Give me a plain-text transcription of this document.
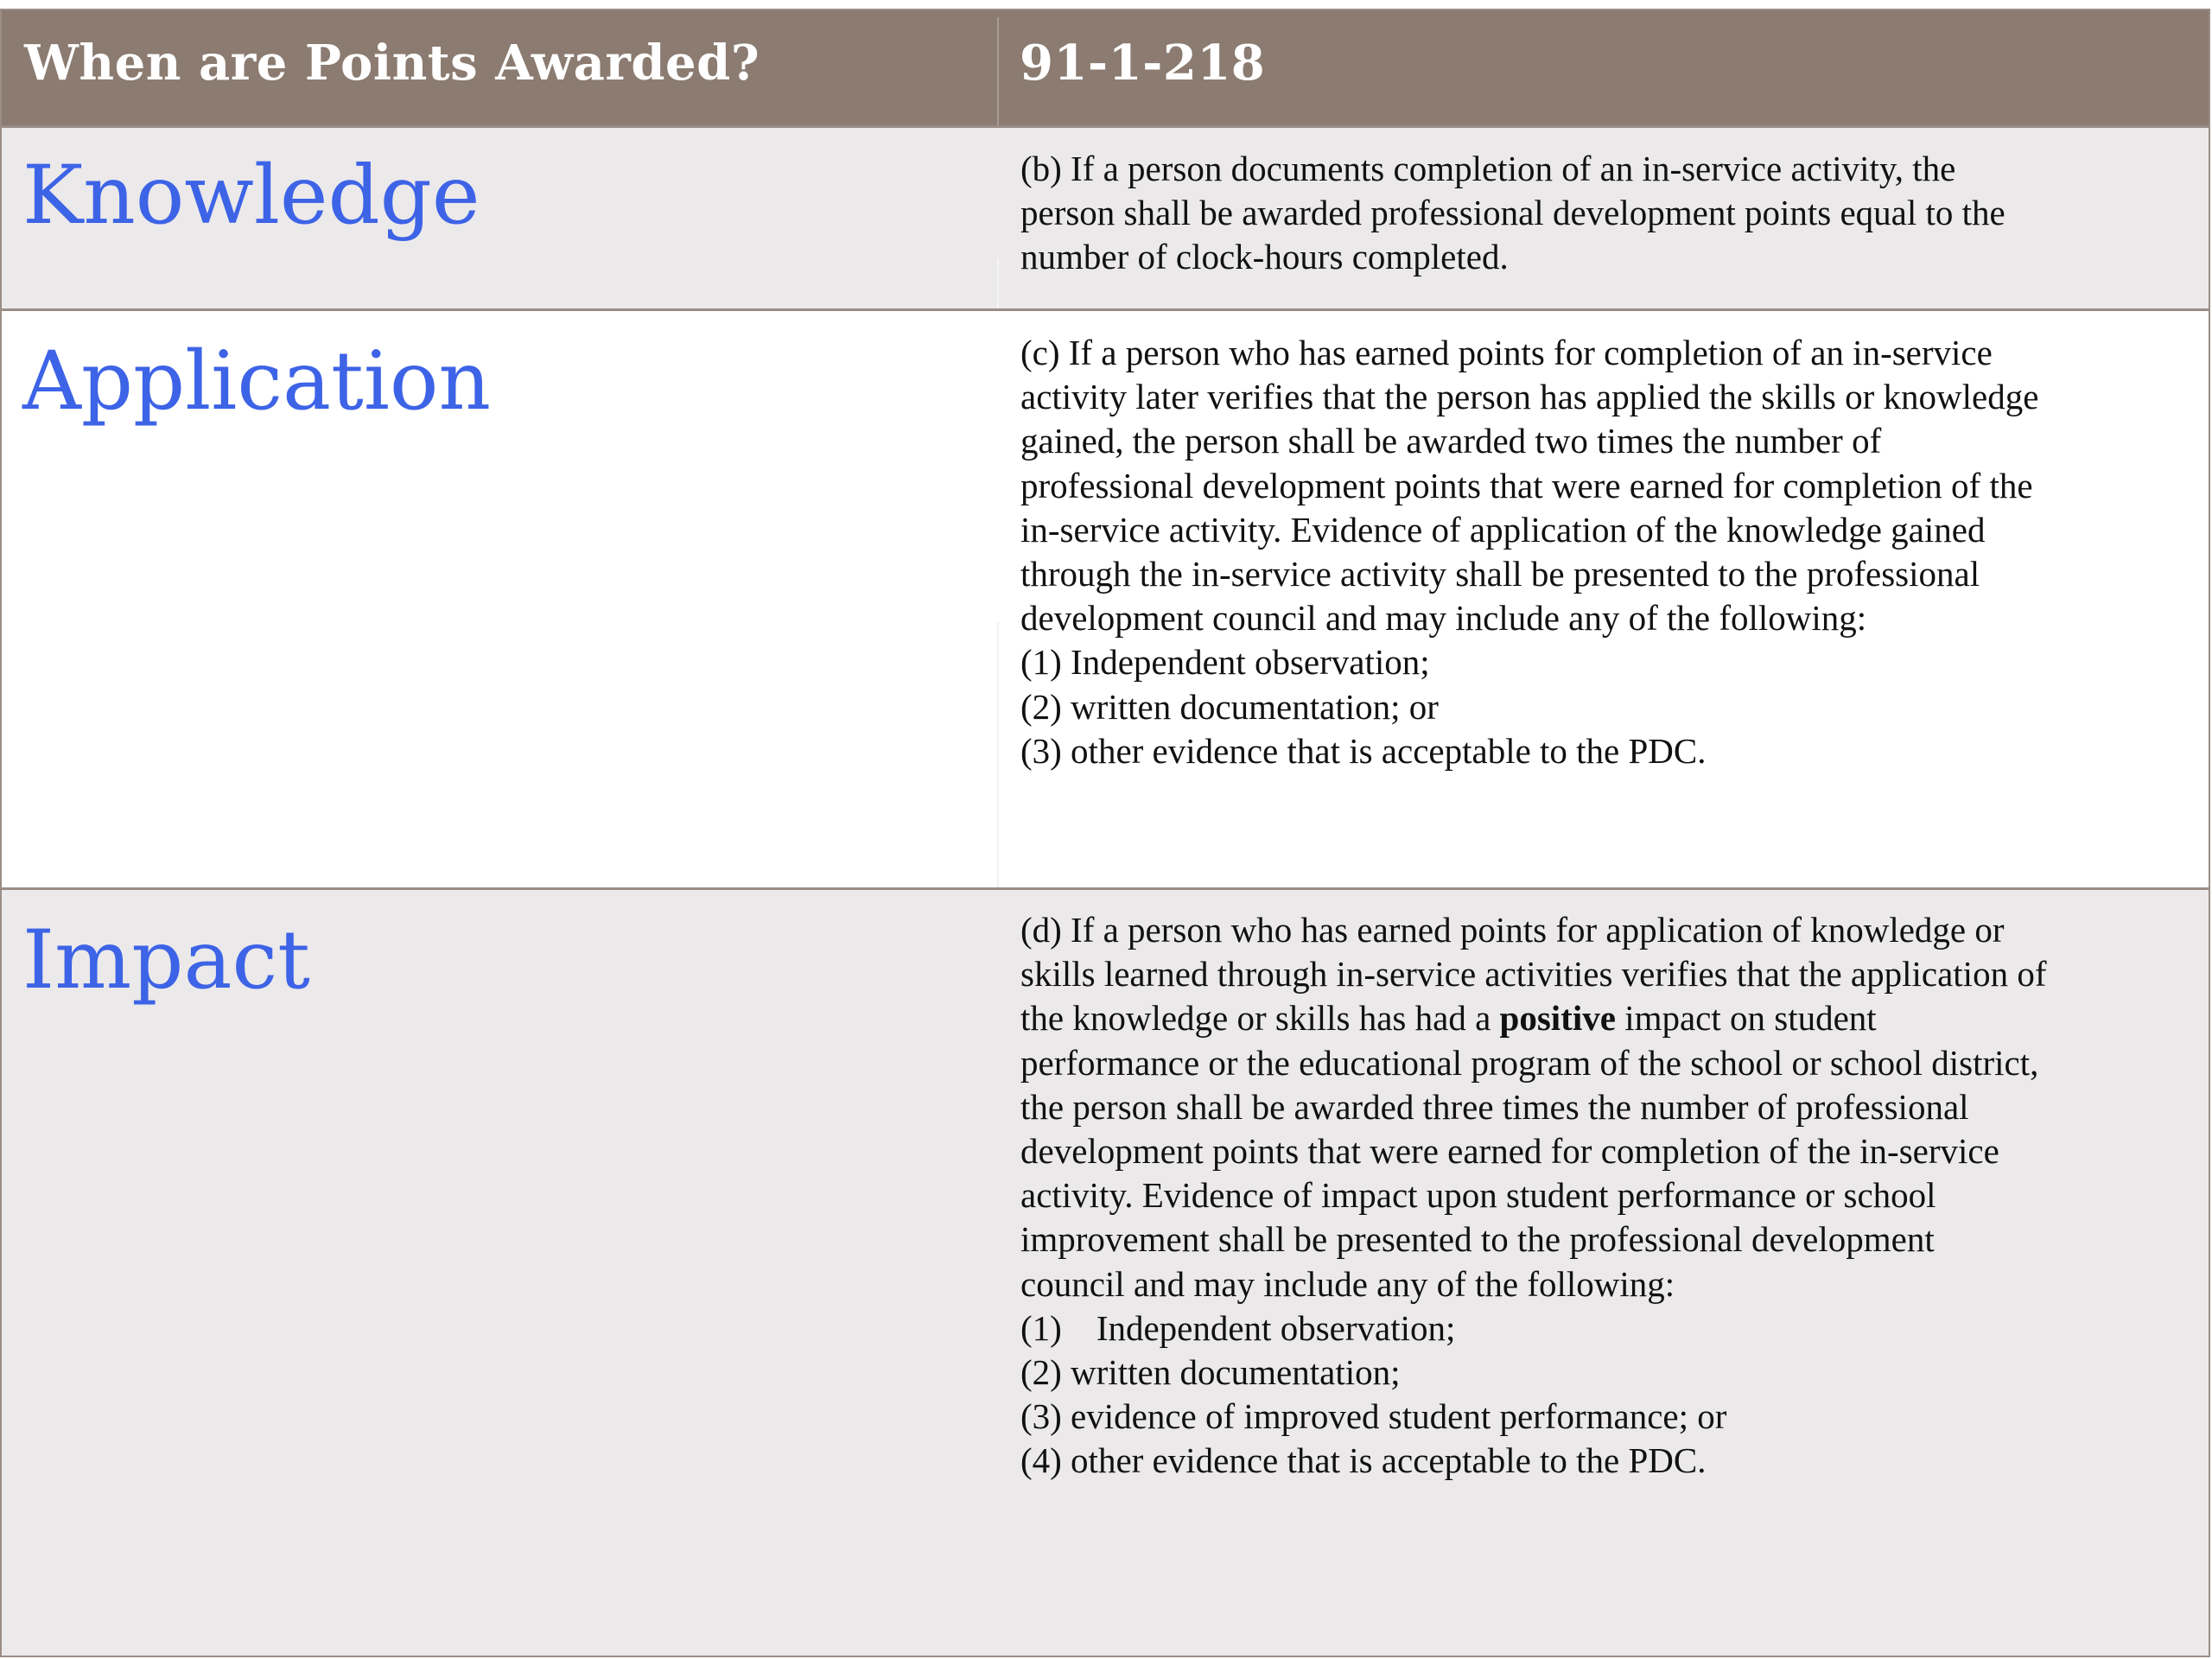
When are Points Awarded?	91-1-218
Knowledge	(b) If a person documents completion of an in-service activity, the
person shall be awarded professional development points equal to the
number of clock-hours completed.
Application	(c) If a person who has earned points for completion of an in-service
activity later verifies that the person has applied the skills or knowledge
gained, the person shall be awarded two times the number of
professional development points that were earned for completion of the
in-service activity. Evidence of application of the knowledge gained
through the in-service activity shall be presented to the professional
development council and may include any of the following:
(1) Independent observation;
(2) written documentation; or
(3) other evidence that is acceptable to the PDC.
Impact	(d) If a person who has earned points for application of knowledge or
skills learned through in-service activities verifies that the application of
the knowledge or skills has had a positive impact on student
performance or the educational program of the school or school district,
the person shall be awarded three times the number of professional
development points that were earned for completion of the in-service
activity. Evidence of impact upon student performance or school
improvement shall be presented to the professional development
council and may include any of the following:
(1) Independent observation;
(2) written documentation;
(3) evidence of improved student performance; or
(4) other evidence that is acceptable to the PDC.
